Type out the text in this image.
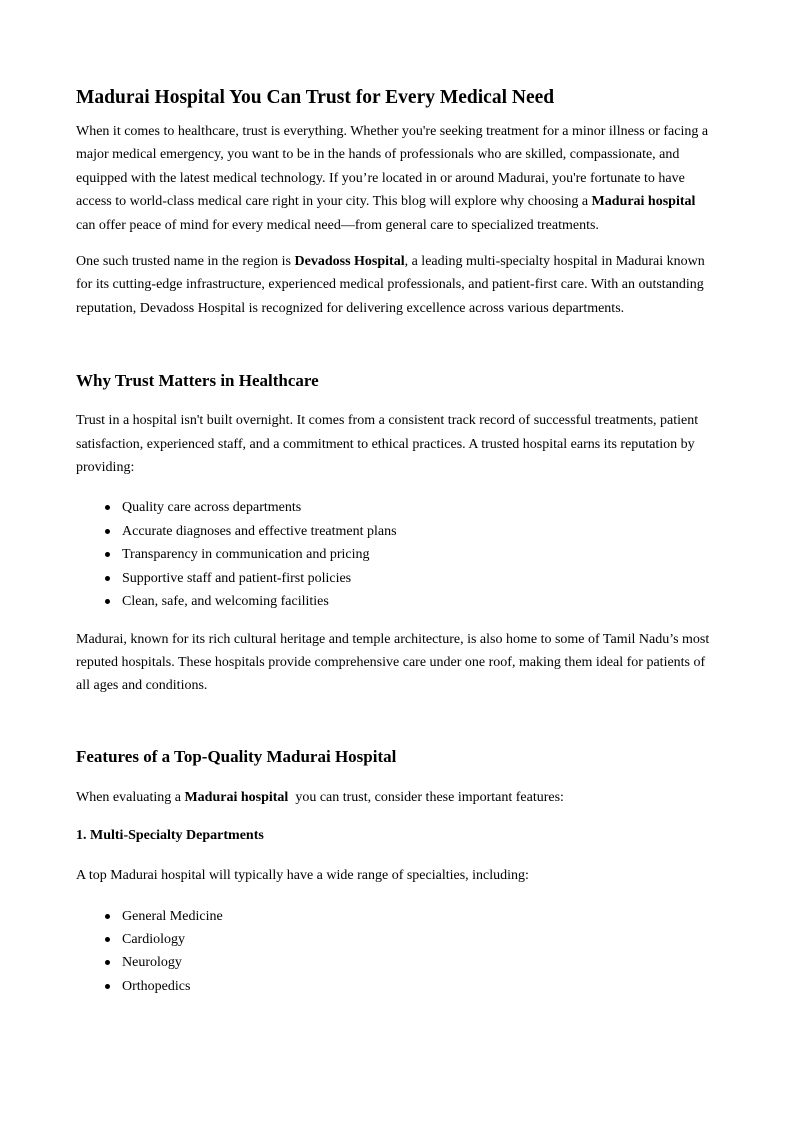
Madurai Hospital You Can Trust for Every Medical Need

When it comes to healthcare, trust is everything. Whether you're seeking treatment for a minor illness or facing a major medical emergency, you want to be in the hands of professionals who are skilled, compassionate, and equipped with the latest medical technology. If you’re located in or around Madurai, you're fortunate to have access to world-class medical care right in your city. This blog will explore why choosing a Madurai hospital  can offer peace of mind for every medical need—from general care to specialized treatments.

One such trusted name in the region is Devadoss Hospital, a leading multi-specialty hospital in Madurai known for its cutting-edge infrastructure, experienced medical professionals, and patient-first care. With an outstanding reputation, Devadoss Hospital is recognized for delivering excellence across various departments.

Why Trust Matters in Healthcare

Trust in a hospital isn't built overnight. It comes from a consistent track record of successful treatments, patient satisfaction, experienced staff, and a commitment to ethical practices. A trusted hospital earns its reputation by providing:

Quality care across departments
Accurate diagnoses and effective treatment plans
Transparency in communication and pricing
Supportive staff and patient-first policies
Clean, safe, and welcoming facilities

Madurai, known for its rich cultural heritage and temple architecture, is also home to some of Tamil Nadu’s most reputed hospitals. These hospitals provide comprehensive care under one roof, making them ideal for patients of all ages and conditions.

Features of a Top-Quality Madurai Hospital

When evaluating a Madurai hospital  you can trust, consider these important features:

1. Multi-Specialty Departments

A top Madurai hospital will typically have a wide range of specialties, including:

General Medicine
Cardiology
Neurology
Orthopedics
